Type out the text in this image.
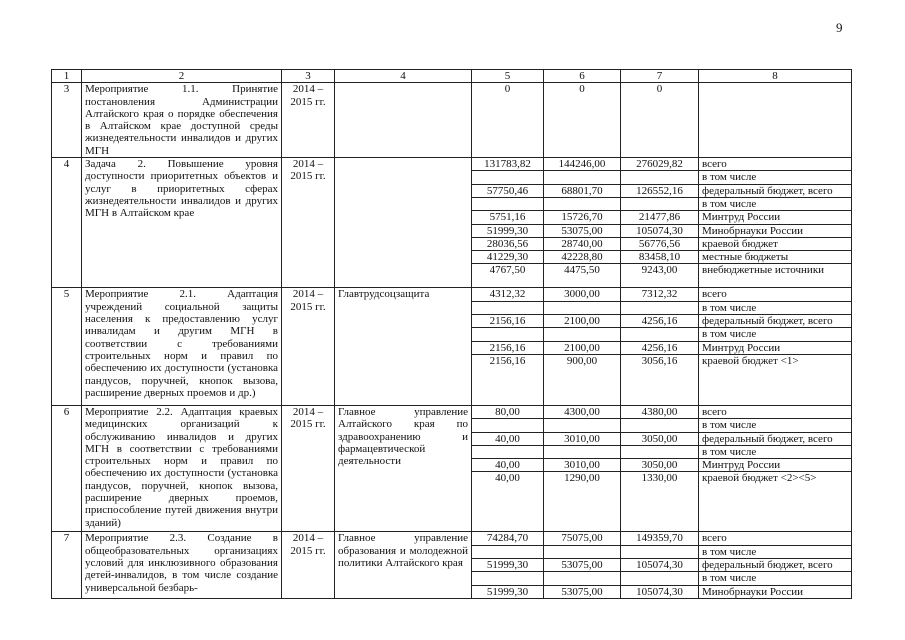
9
1	2	3	4	5	6	7	8
3	Мероприятие 1.1. Принятие постановления Администрации Алтайского края о порядке обеспечения в Алтайском крае доступной среды жизнедеятельности инвалидов и других МГН	2014 – 2015 гг.		0	0	0	
4	Задача 2. Повышение уровня доступности приоритетных объектов и услуг в приоритетных сферах жизнедеятельности инвалидов и других МГН в Алтайском крае	2014 – 2015 гг.		131783,82	144246,00	276029,82	всего
							в том числе
				57750,46	68801,70	126552,16	федеральный бюджет, всего
							в том числе
				5751,16	15726,70	21477,86	Минтруд России
				51999,30	53075,00	105074,30	Минобрнауки России
				28036,56	28740,00	56776,56	краевой бюджет
				41229,30	42228,80	83458,10	местные бюджеты
				4767,50	4475,50	9243,00	внебюджетные источники
5	Мероприятие 2.1. Адаптация учреждений социальной защиты населения к предоставлению услуг инвалидам и другим МГН в соответствии с требованиями строительных норм и правил по обеспечению их доступности (установка пандусов, поручней, кнопок вызова, расширение дверных проемов и др.)	2014 – 2015 гг.	Главтрудсоцзащита	4312,32	3000,00	7312,32	всего
							в том числе
				2156,16	2100,00	4256,16	федеральный бюджет, всего
							в том числе
				2156,16	2100,00	4256,16	Минтруд России
				2156,16	900,00	3056,16	краевой бюджет <1>
6	Мероприятие 2.2. Адаптация краевых медицинских организаций к обслуживанию инвалидов и других МГН в соответствии с требованиями строительных норм и правил по обеспечению их доступности (установка пандусов, поручней, кнопок вызова, расширение дверных проемов, приспособление путей движения внутри зданий)	2014 – 2015 гг.	Главное управление Алтайского края по здравоохранению и фармацевтической деятельности	80,00	4300,00	4380,00	всего
							в том числе
				40,00	3010,00	3050,00	федеральный бюджет, всего
							в том числе
				40,00	3010,00	3050,00	Минтруд России
				40,00	1290,00	1330,00	краевой бюджет <2><5>
7	Мероприятие 2.3. Создание в общеобразовательных организациях условий для инклюзивного образования детей-инвалидов, в том числе создание универсальной безбарь-	2014 – 2015 гг.	Главное управление образования и молодежной политики Алтайского края	74284,70	75075,00	149359,70	всего
							в том числе
				51999,30	53075,00	105074,30	федеральный бюджет, всего
							в том числе
				51999,30	53075,00	105074,30	Минобрнауки России
